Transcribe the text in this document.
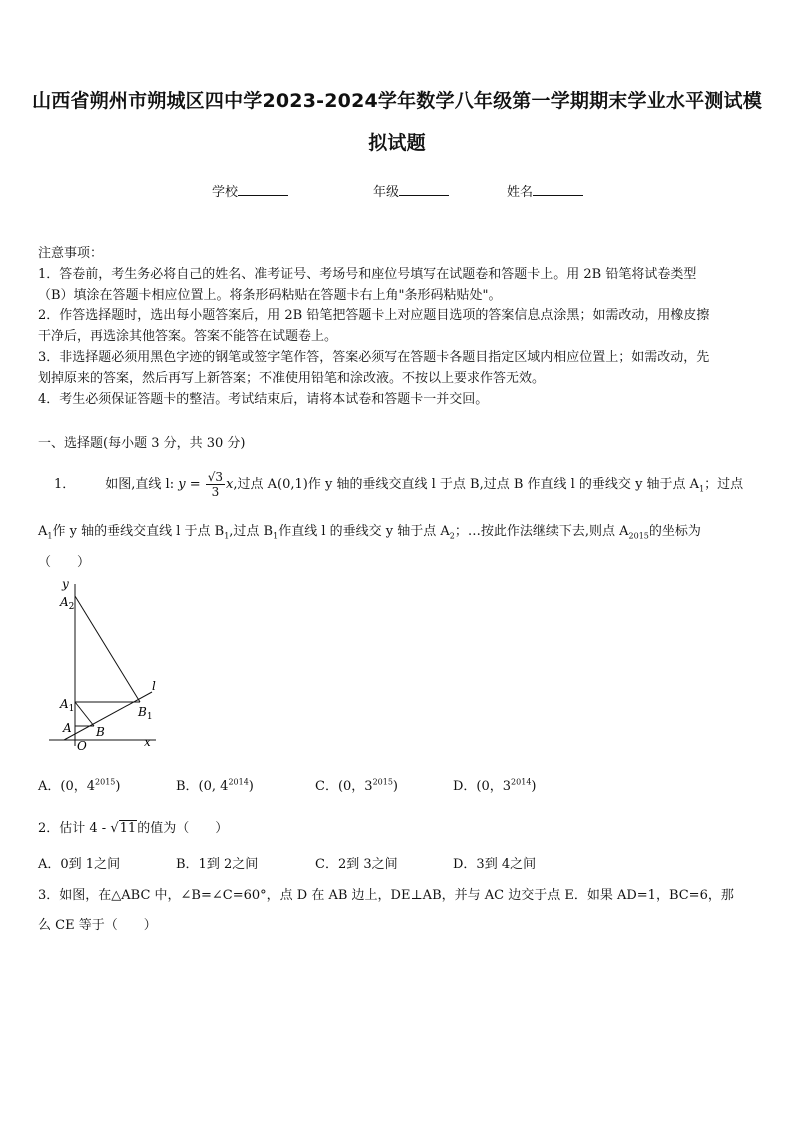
山西省朔州市朔城区四中学2023-2024学年数学八年级第一学期期末学业水平测试模
拟试题
学校	年级	姓名
注意事项：
1．答卷前，考生务必将自己的姓名、准考证号、考场号和座位号填写在试题卷和答题卡上。用 2B 铅笔将试卷类型
（B）填涂在答题卡相应位置上。将条形码粘贴在答题卡右上角"条形码粘贴处"。
2．作答选择题时，选出每小题答案后，用 2B 铅笔把答题卡上对应题目选项的答案信息点涂黑；如需改动，用橡皮擦
干净后，再选涂其他答案。答案不能答在试题卷上。
3．非选择题必须用黑色字迹的钢笔或签字笔作答，答案必须写在答题卡各题目指定区域内相应位置上；如需改动，先
划掉原来的答案，然后再写上新答案；不准使用铅笔和涂改液。不按以上要求作答无效。
4．考生必须保证答题卡的整洁。考试结束后，请将本试卷和答题卡一并交回。
一、选择题(每小题 3 分，共 30 分)
1． 如图,直线 l: $y = \frac{√3}{3} x$,过点 A(0,1)作 y 轴的垂线交直线 l 于点 B,过点 B 作直线 l 的垂线交 y 轴于点 $A_1$；过点
$A_1$作 y 轴的垂线交直线 l 于点 $B_1$,过点 $B_1$作直线 l 的垂线交 y 轴于点 $A_2$；…按此作法继续下去,则点 $A_{2015}$的坐标为
（　　）
y
$A_2$
l
$A_1$	$B_1$
A B
O	x
A．(0，$4^{2015}$)	B．(0, $4^{2014}$)	C．(0，$3^{2015}$)	D．(0，$3^{2014}$)
2．估计 4 - √11的值为（　　）
A．0到 1之间	B．1到 2之间	C．2到 3之间	D．3到 4之间
3．如图，在△ABC 中，∠B=∠C=60°，点 D 在 AB 边上，DE⊥AB，并与 AC 边交于点 E．如果 AD=1，BC=6，那
么 CE 等于（　　）
